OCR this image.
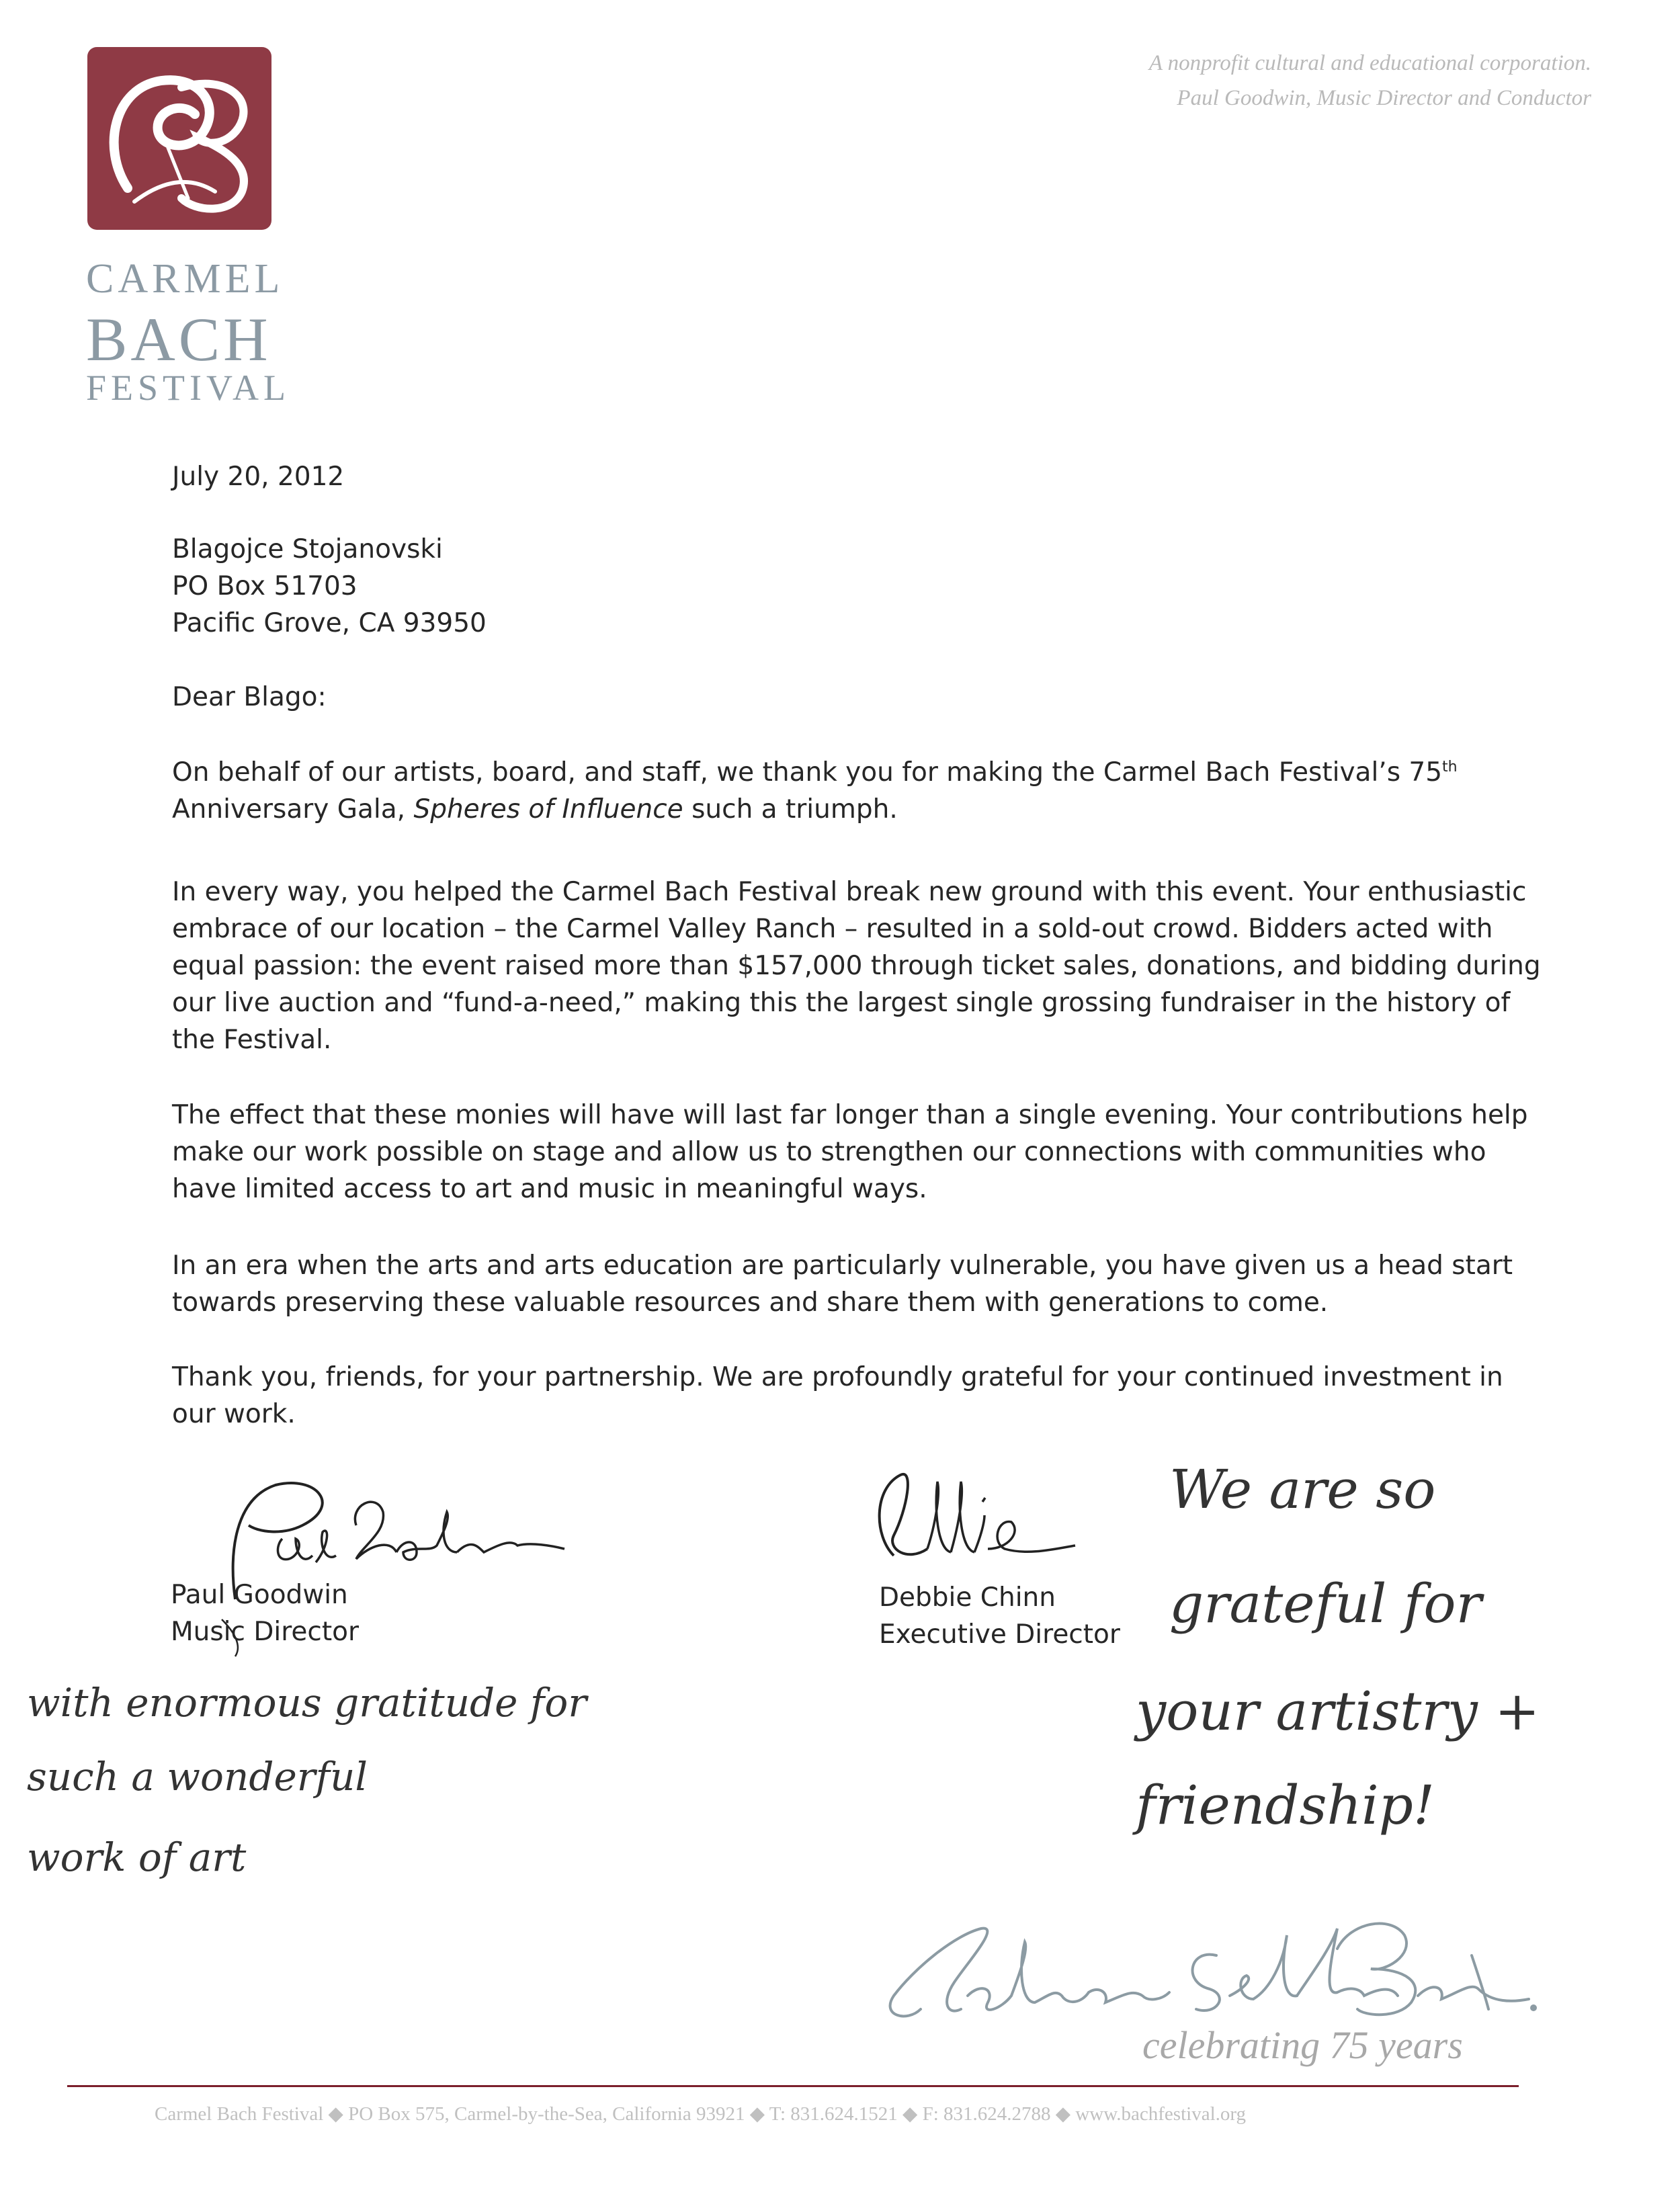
CARMEL
BACH
FESTIVAL
A nonprofit cultural and educational corporation.
Paul Goodwin, Music Director and Conductor
July 20, 2012
Blagojce Stojanovski
PO Box 51703
Pacific Grove, CA 93950
Dear Blago:
On behalf of our artists, board, and staff, we thank you for making the Carmel Bach Festival’s 75th
Anniversary Gala, Spheres of Influence such a triumph.
In every way, you helped the Carmel Bach Festival break new ground with this event. Your enthusiastic
embrace of our location – the Carmel Valley Ranch – resulted in a sold-out crowd. Bidders acted with
equal passion: the event raised more than $157,000 through ticket sales, donations, and bidding during
our live auction and “fund-a-need,” making this the largest single grossing fundraiser in the history of
the Festival.
The effect that these monies will have will last far longer than a single evening. Your contributions help
make our work possible on stage and allow us to strengthen our connections with communities who
have limited access to art and music in meaningful ways.
In an era when the arts and arts education are particularly vulnerable, you have given us a head start
towards preserving these valuable resources and share them with generations to come.
Thank you, friends, for your partnership. We are profoundly grateful for your continued investment in
our work.
Paul Goodwin
Music Director
Debbie Chinn
Executive Director
with enormous gratitude for
such a wonderful
work of art
We are so
grateful for
your artistry +
friendship!
celebrating 75 years
Carmel Bach Festival ◆ PO Box 575, Carmel-by-the-Sea, California 93921 ◆ T: 831.624.1521 ◆ F: 831.624.2788 ◆ www.bachfestival.org
